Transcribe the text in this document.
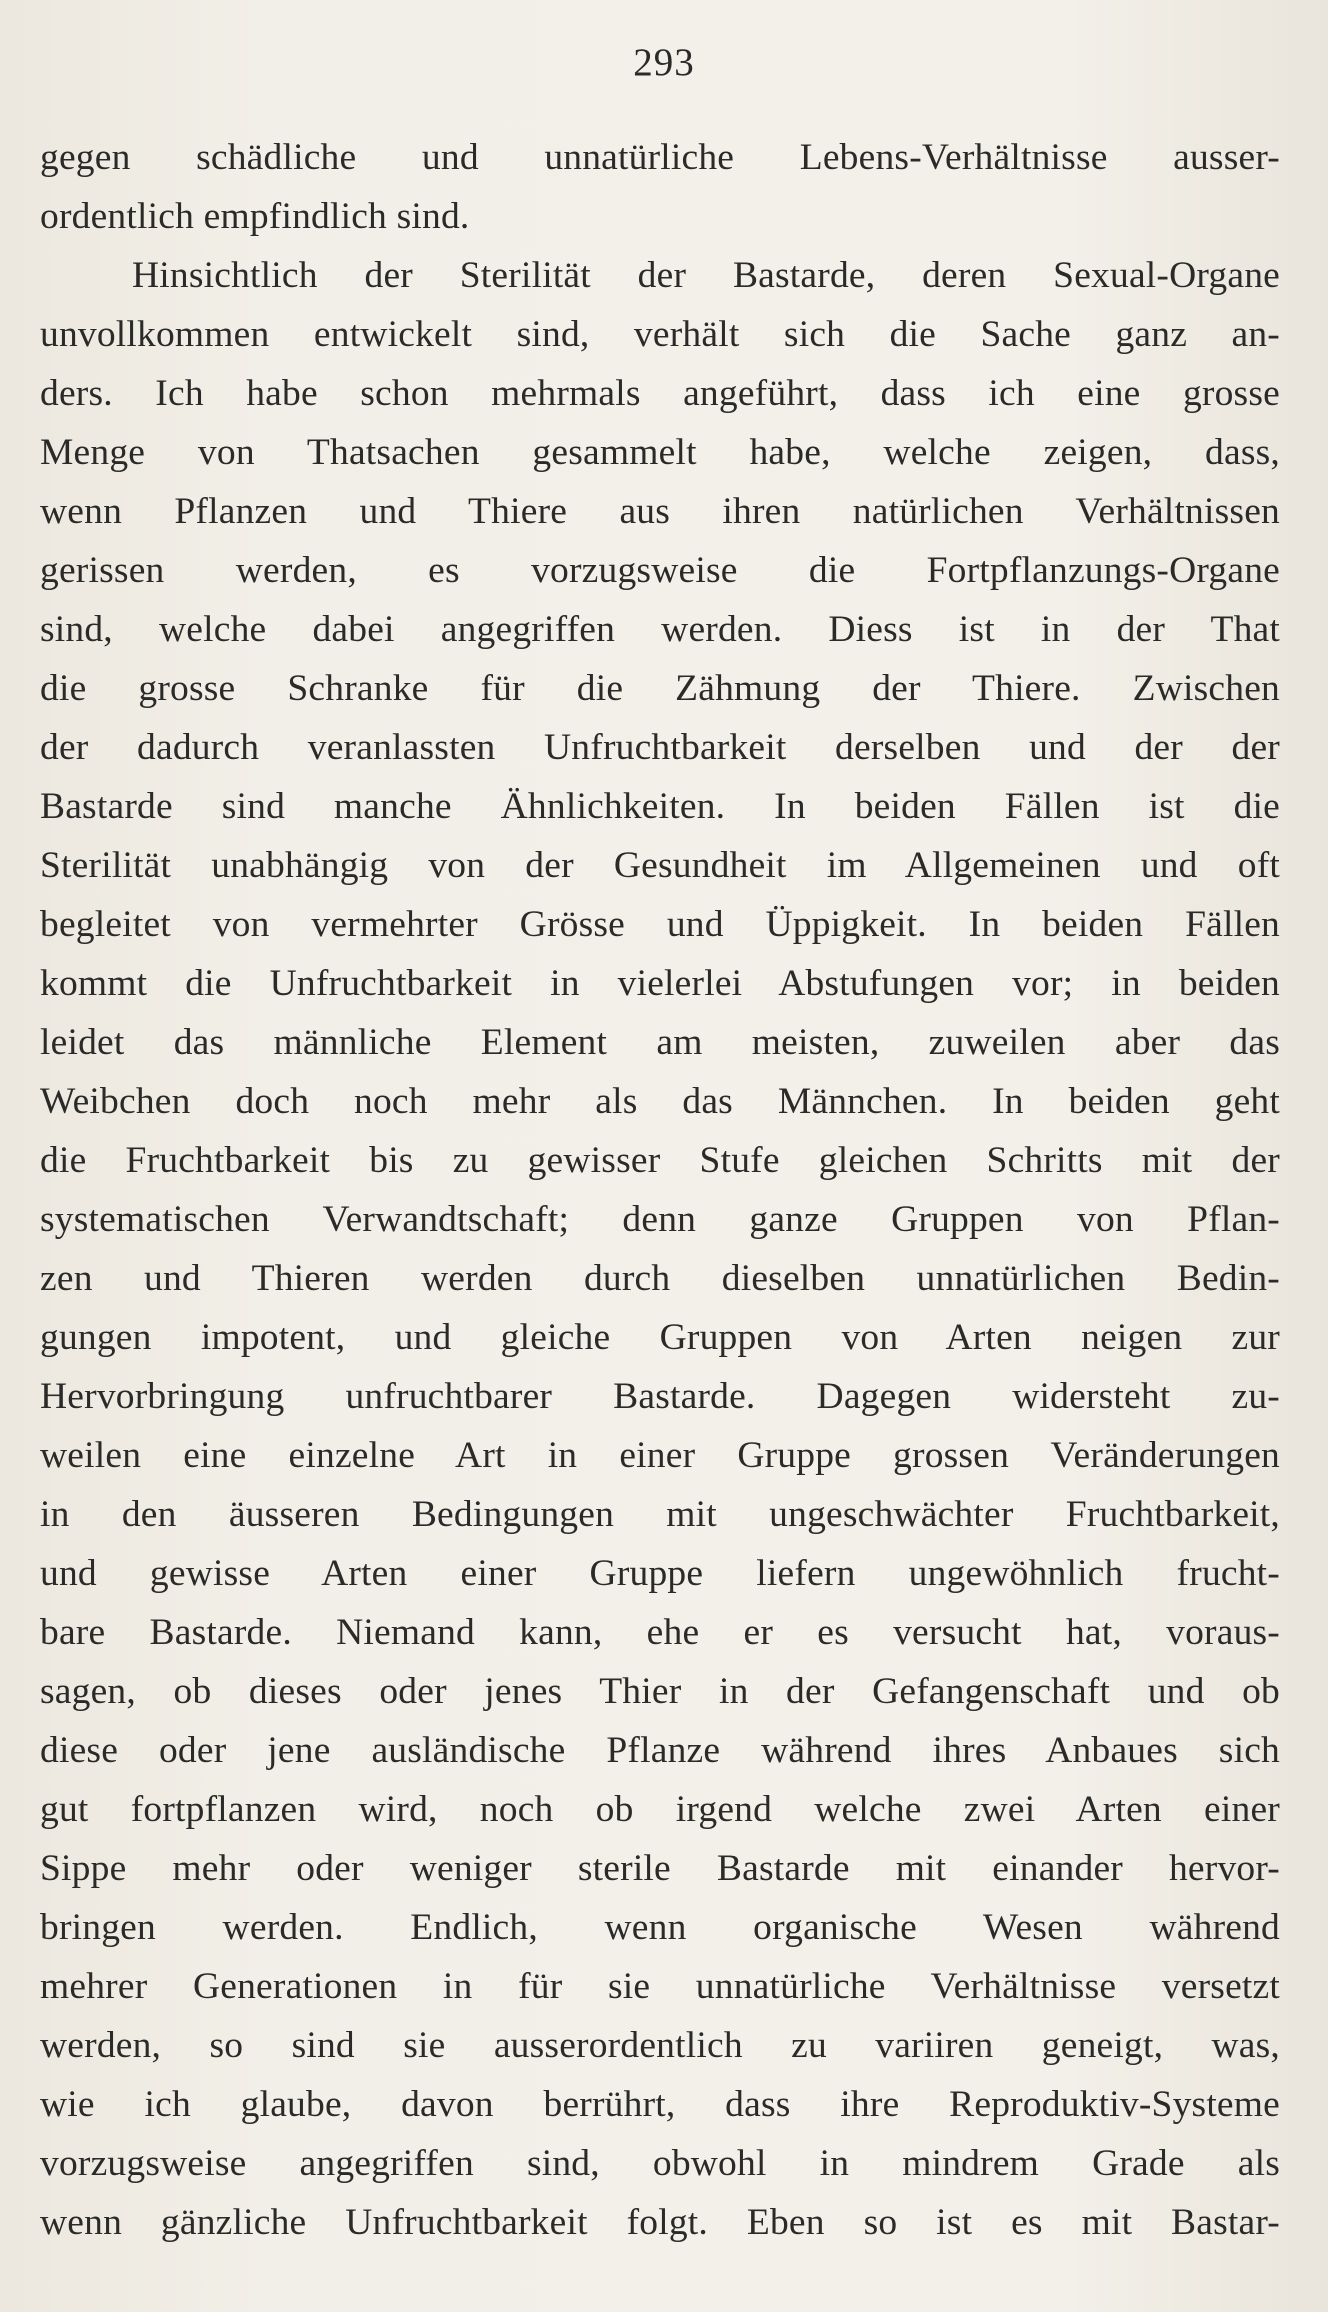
293
gegen schädliche und unnatürliche Lebens-Verhältnisse ausser-
ordentlich empfindlich sind.
Hinsichtlich der Sterilität der Bastarde, deren Sexual-Organe
unvollkommen entwickelt sind, verhält sich die Sache ganz an-
ders. Ich habe schon mehrmals angeführt, dass ich eine grosse
Menge von Thatsachen gesammelt habe, welche zeigen, dass,
wenn Pflanzen und Thiere aus ihren natürlichen Verhältnissen
gerissen werden, es vorzugsweise die Fortpflanzungs-Organe
sind, welche dabei angegriffen werden. Diess ist in der That
die grosse Schranke für die Zähmung der Thiere. Zwischen
der dadurch veranlassten Unfruchtbarkeit derselben und der der
Bastarde sind manche Ähnlichkeiten. In beiden Fällen ist die
Sterilität unabhängig von der Gesundheit im Allgemeinen und oft
begleitet von vermehrter Grösse und Üppigkeit. In beiden Fällen
kommt die Unfruchtbarkeit in vielerlei Abstufungen vor; in beiden
leidet das männliche Element am meisten, zuweilen aber das
Weibchen doch noch mehr als das Männchen. In beiden geht
die Fruchtbarkeit bis zu gewisser Stufe gleichen Schritts mit der
systematischen Verwandtschaft; denn ganze Gruppen von Pflan-
zen und Thieren werden durch dieselben unnatürlichen Bedin-
gungen impotent, und gleiche Gruppen von Arten neigen zur
Hervorbringung unfruchtbarer Bastarde. Dagegen widersteht zu-
weilen eine einzelne Art in einer Gruppe grossen Veränderungen
in den äusseren Bedingungen mit ungeschwächter Fruchtbarkeit,
und gewisse Arten einer Gruppe liefern ungewöhnlich frucht-
bare Bastarde. Niemand kann, ehe er es versucht hat, voraus-
sagen, ob dieses oder jenes Thier in der Gefangenschaft und ob
diese oder jene ausländische Pflanze während ihres Anbaues sich
gut fortpflanzen wird, noch ob irgend welche zwei Arten einer
Sippe mehr oder weniger sterile Bastarde mit einander hervor-
bringen werden. Endlich, wenn organische Wesen während
mehrer Generationen in für sie unnatürliche Verhältnisse versetzt
werden, so sind sie ausserordentlich zu variiren geneigt, was,
wie ich glaube, davon berrührt, dass ihre Reproduktiv-Systeme
vorzugsweise angegriffen sind, obwohl in mindrem Grade als
wenn gänzliche Unfruchtbarkeit folgt. Eben so ist es mit Bastar-
